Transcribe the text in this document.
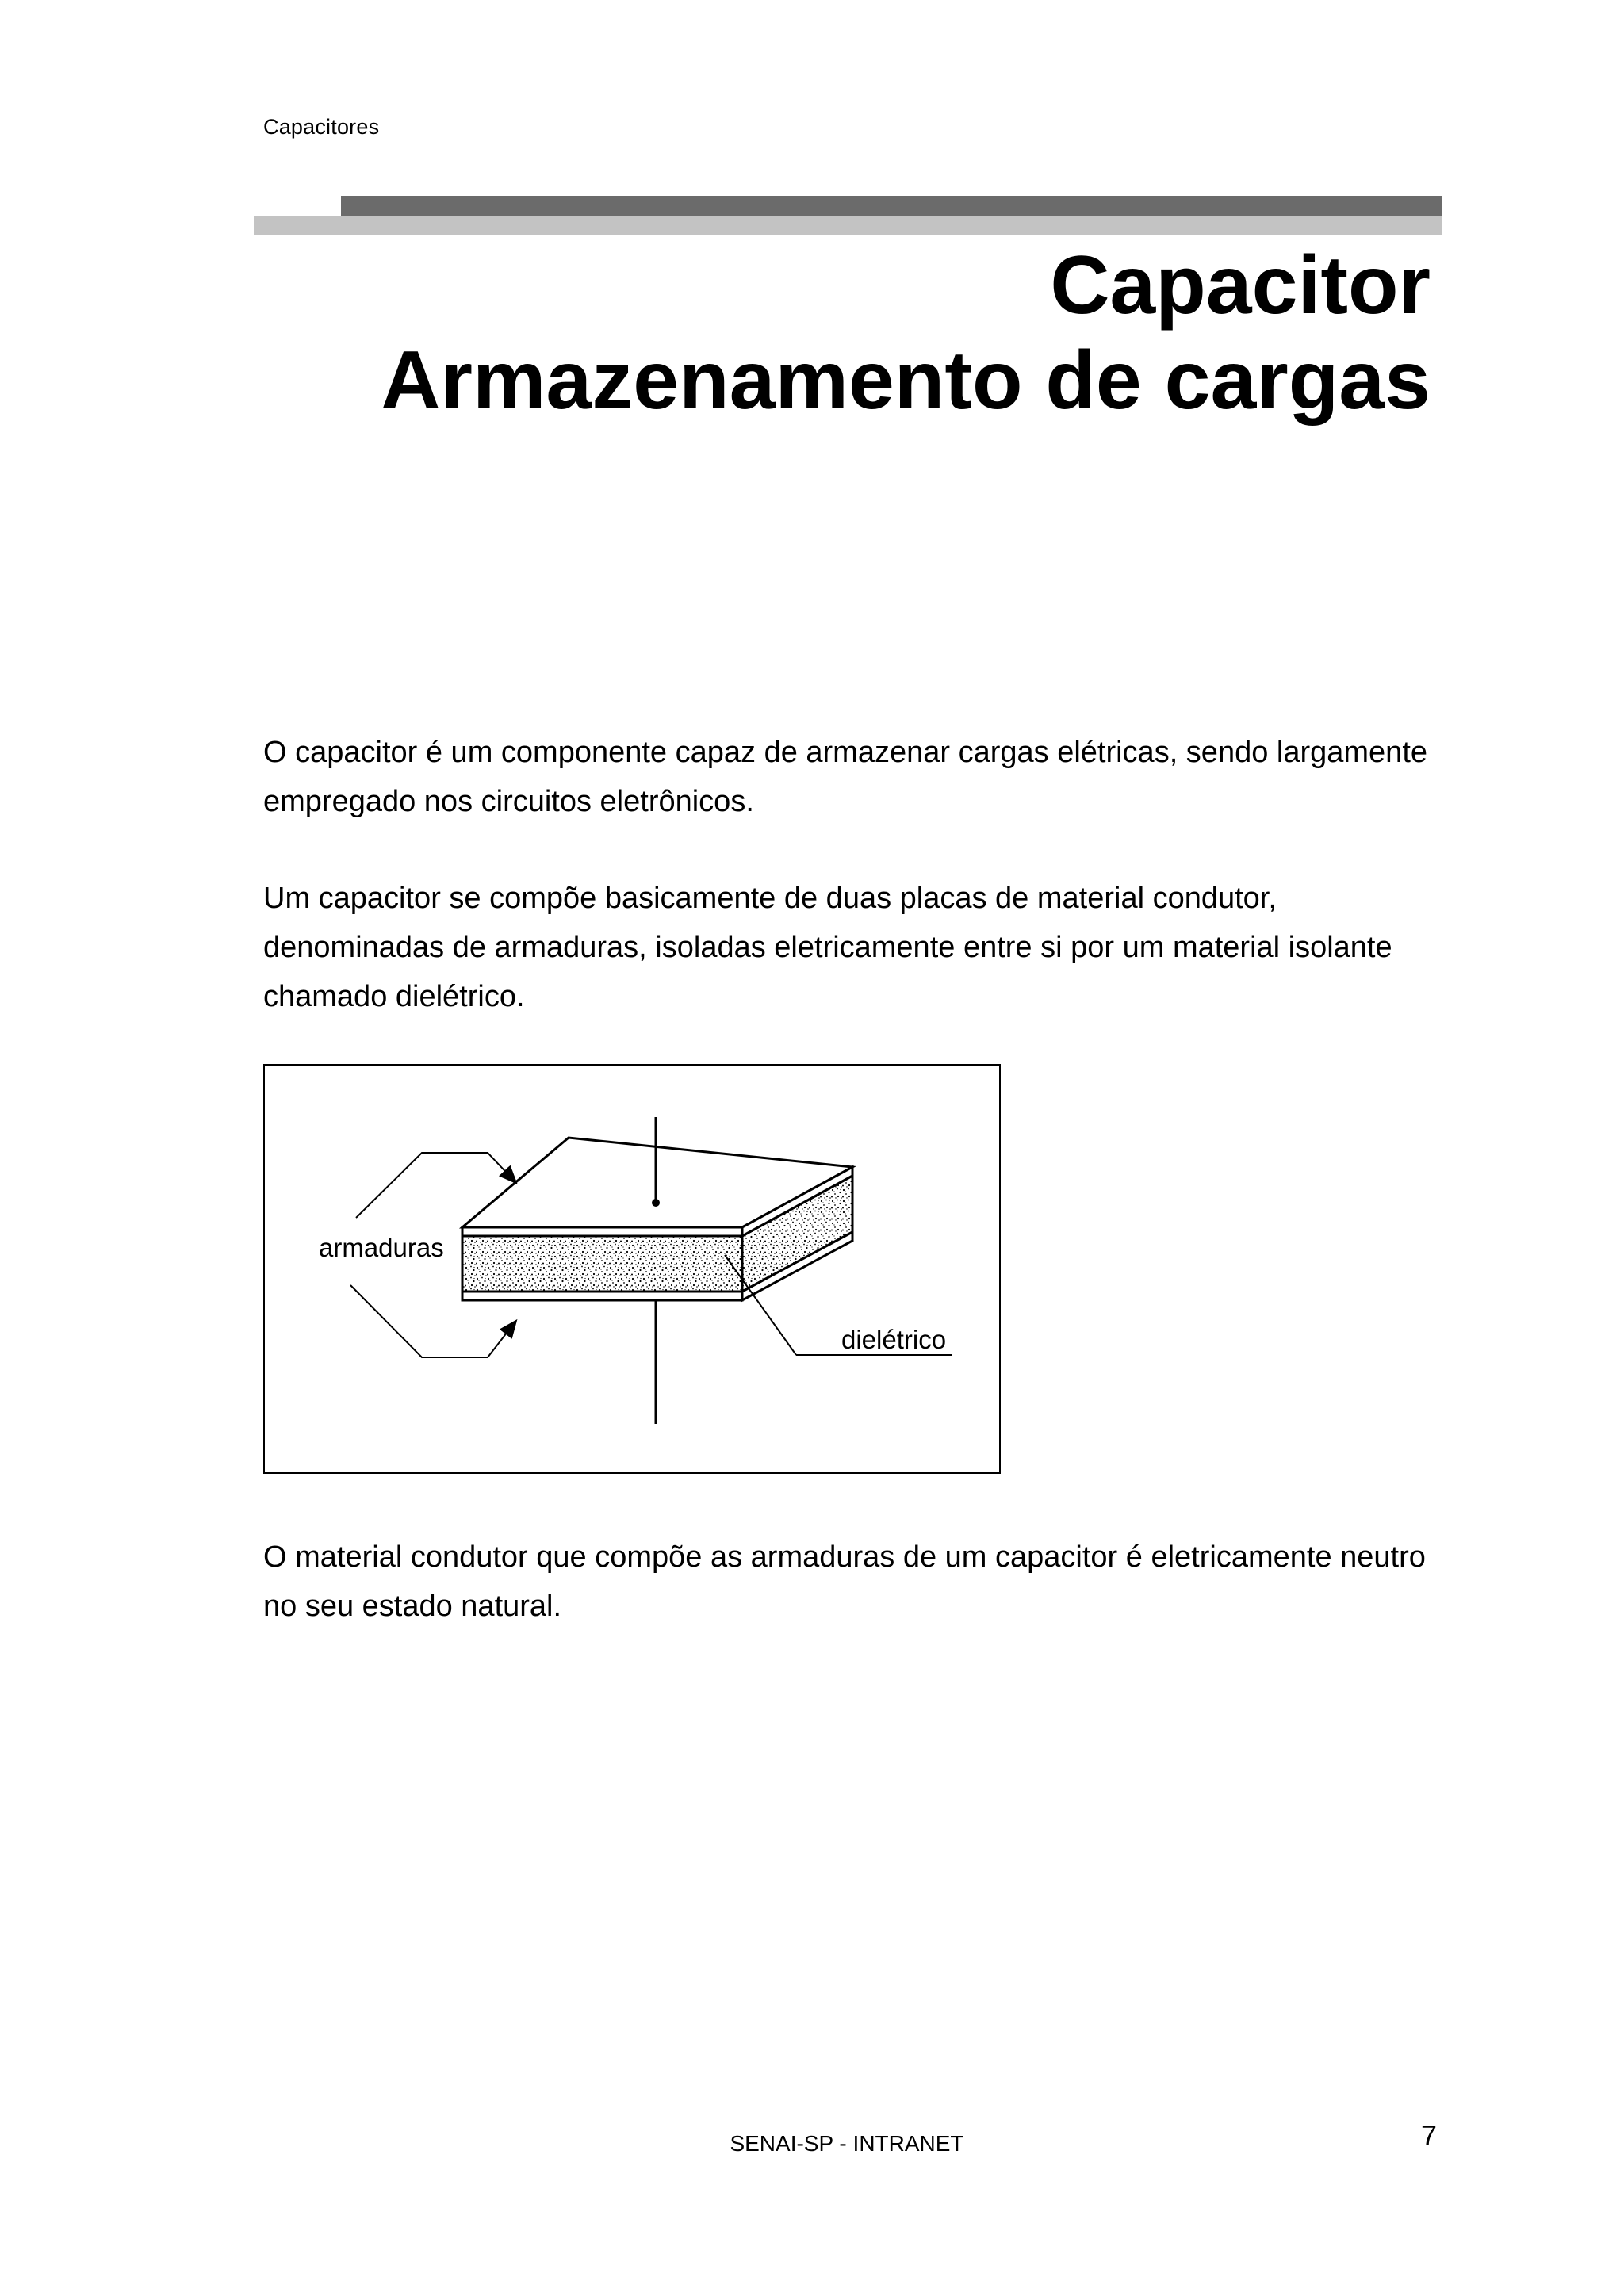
Capacitores
Capacitor
Armazenamento de cargas

O capacitor é um componente capaz de armazenar cargas elétricas, sendo largamente empregado nos circuitos eletrônicos.

Um capacitor se compõe basicamente de duas placas de material condutor, denominadas de armaduras, isoladas eletricamente entre si por um material isolante chamado dielétrico.

armaduras
dielétrico

O material condutor que compõe as armaduras de um capacitor é eletricamente neutro no seu estado natural.

SENAI-SP - INTRANET	7
